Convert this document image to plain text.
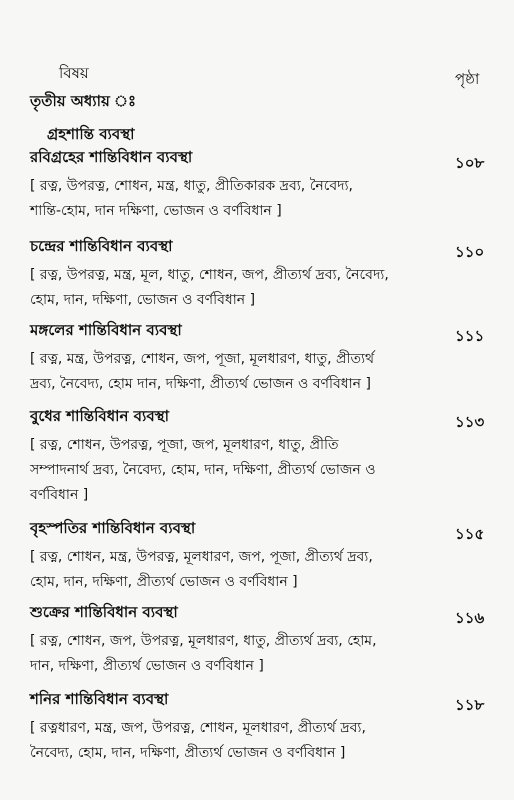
বিষয়	পৃষ্ঠা
তৃতীয় অধ্যায় ঃ
গ্রহশান্তি ব্যবস্থা
রবিগ্রহের শান্তিবিধান ব্যবস্থা	১০৮
[ রত্ন, উপরত্ন, শোধন, মন্ত্র, ধাতু, প্রীতিকারক দ্রব্য, নৈবেদ্য,
শান্তি-হোম, দান দক্ষিণা, ভোজন ও বর্ণবিধান ]
চন্দ্রের শান্তিবিধান ব্যবস্থা	১১০
[ রত্ন, উপরত্ন, মন্ত্র, মূল, ধাতু, শোধন, জপ, প্রীত্যর্থ দ্রব্য, নৈবেদ্য,
হোম, দান, দক্ষিণা, ভোজন ও বর্ণবিধান ]
মঙ্গলের শান্তিবিধান ব্যবস্থা	১১১
[ রত্ন, মন্ত্র, উপরত্ন, শোধন, জপ, পূজা, মূলধারণ, ধাতু, প্রীত্যর্থ
দ্রব্য, নৈবেদ্য, হোম দান, দক্ষিণা, প্রীত্যর্থ ভোজন ও বর্ণবিধান ]
বুধের শান্তিবিধান ব্যবস্থা	১১৩
[ রত্ন, শোধন, উপরত্ন, পূজা, জপ, মূলধারণ, ধাতু, প্রীতি
সম্পাদনার্থ দ্রব্য, নৈবেদ্য, হোম, দান, দক্ষিণা, প্রীত্যর্থ ভোজন ও
বর্ণবিধান ]
বৃহস্পতির শান্তিবিধান ব্যবস্থা	১১৫
[ রত্ন, শোধন, মন্ত্র, উপরত্ন, মূলধারণ, জপ, পূজা, প্রীত্যর্থ দ্রব্য,
হোম, দান, দক্ষিণা, প্রীত্যর্থ ভোজন ও বর্ণবিধান ]
শুক্রের শান্তিবিধান ব্যবস্থা	১১৬
[ রত্ন, শোধন, জপ, উপরত্ন, মূলধারণ, ধাতু, প্রীত্যর্থ দ্রব্য, হোম,
দান, দক্ষিণা, প্রীত্যর্থ ভোজন ও বর্ণবিধান ]
শনির শান্তিবিধান ব্যবস্থা	১১৮
[ রত্নধারণ, মন্ত্র, জপ, উপরত্ন, শোধন, মূলধারণ, প্রীত্যর্থ দ্রব্য,
নৈবেদ্য, হোম, দান, দক্ষিণা, প্রীত্যর্থ ভোজন ও বর্ণবিধান ]
